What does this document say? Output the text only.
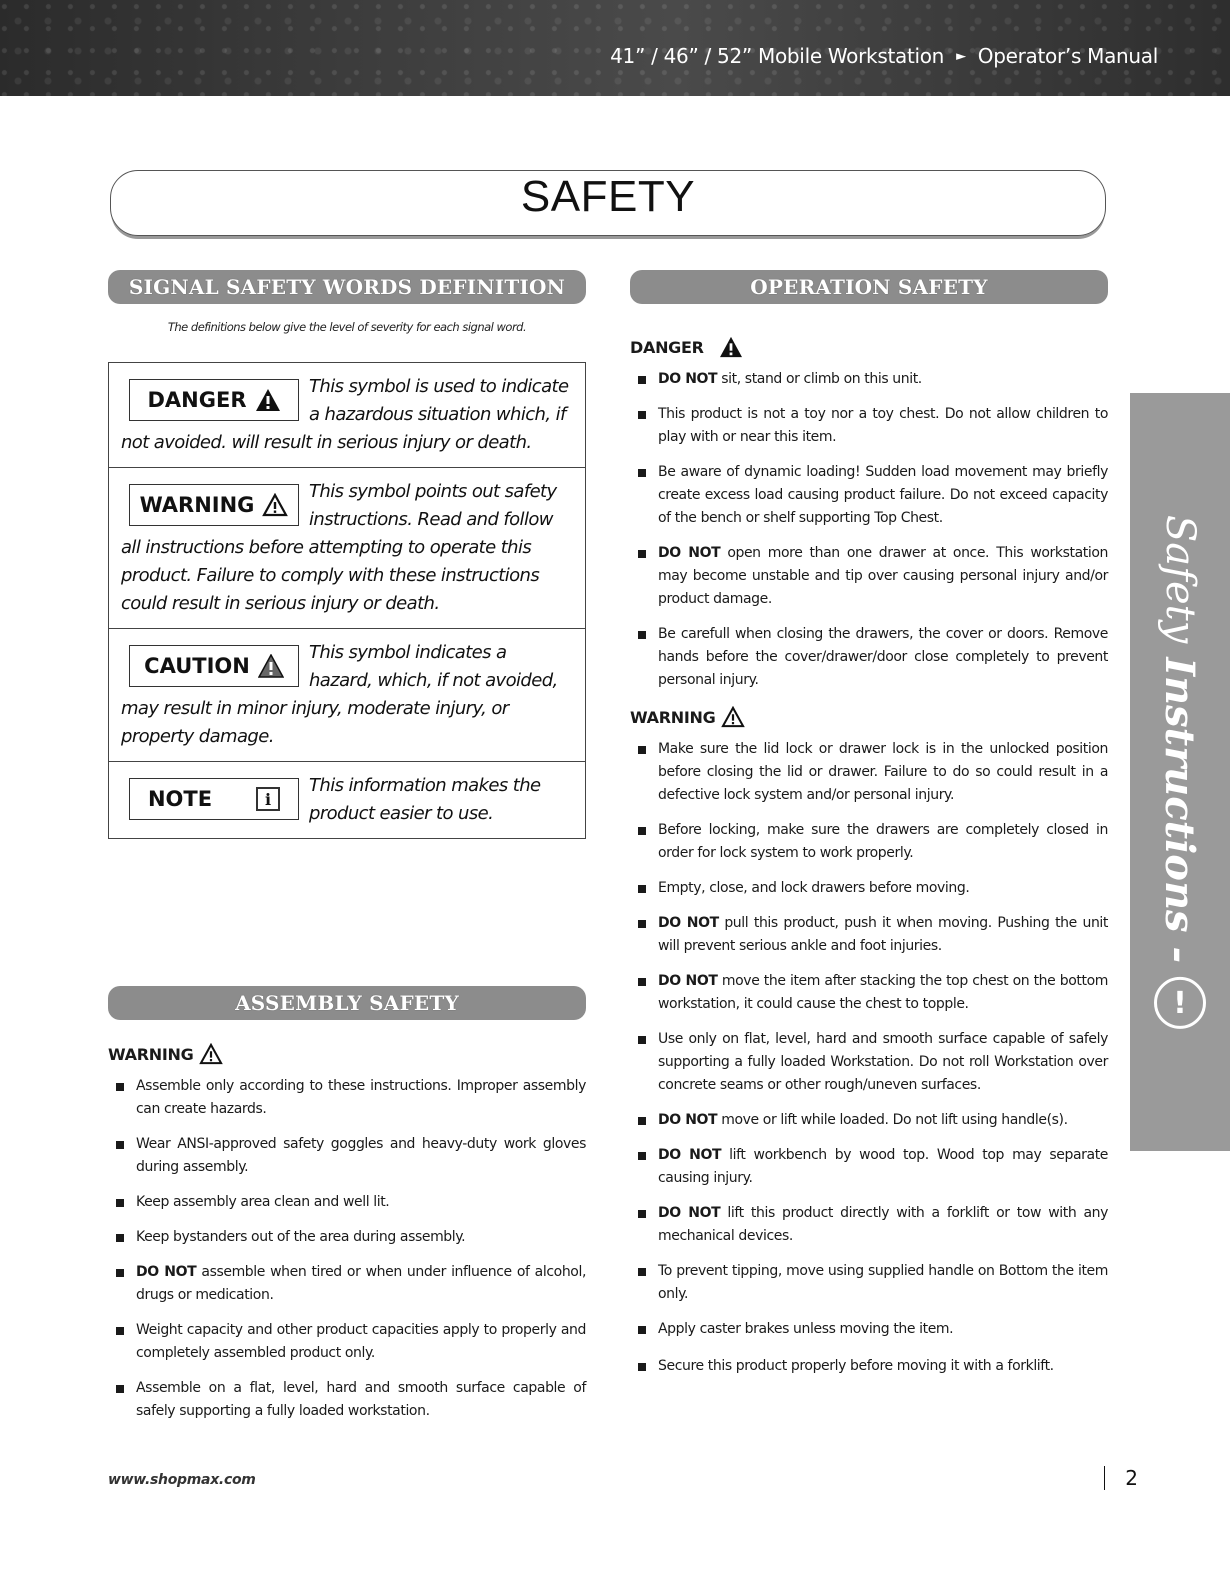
41” / 46” / 52” Mobile Workstation ► Operator’s Manual
SAFETY
SIGNAL SAFETY WORDS DEFINITION
The definitions below give the level of severity for each signal word.
DANGER

This symbol is used to indicate a hazardous situation which, if not avoided. will result in serious injury or death.

WARNING

This symbol points out safety instructions. Read and follow all instructions before attempting to operate this product. Failure to comply with these instructions could result in serious injury or death.

CAUTION

This symbol indicates a hazard, which, if not avoided, may result in minor injury, moderate injury, or property damage.

NOTE	i

This information makes the product easier to use.

ASSEMBLY SAFETY
WARNING
Assemble only according to these instructions. Improper assembly can create hazards.
Wear ANSI-approved safety goggles and heavy-duty work gloves during assembly.
Keep assembly area clean and well lit.
Keep bystanders out of the area during assembly.
DO NOT assemble when tired or when under influence of alcohol, drugs or medication.
Weight capacity and other product capacities apply to properly and completely assembled product only.
Assemble on a flat, level, hard and smooth surface capable of safely supporting a fully loaded workstation.
OPERATION SAFETY
DANGER
DO NOT sit, stand or climb on this unit.
This product is not a toy nor a toy chest. Do not allow children to play with or near this item.
Be aware of dynamic loading! Sudden load movement may briefly create excess load causing product failure. Do not exceed capacity of the bench or shelf supporting Top Chest.
DO NOT open more than one drawer at once. This workstation may become unstable and tip over causing personal injury and/or product damage.
Be carefull when closing the drawers, the cover or doors. Remove hands before the cover/drawer/door close completely to prevent personal injury.
WARNING
Make sure the lid lock or drawer lock is in the unlocked position before closing the lid or drawer. Failure to do so could result in a defective lock system and/or personal injury.
Before locking, make sure the drawers are completely closed in order for lock system to work properly.
Empty, close, and lock drawers before moving.
DO NOT pull this product, push it when moving. Pushing the unit will prevent serious ankle and foot injuries.
DO NOT move the item after stacking the top chest on the bottom workstation, it could cause the chest to topple.
Use only on flat, level, hard and smooth surface capable of safely supporting a fully loaded Workstation. Do not roll Workstation over concrete seams or other rough/uneven surfaces.
DO NOT move or lift while loaded. Do not lift using handle(s).
DO NOT lift workbench by wood top. Wood top may separate causing injury.
DO NOT lift this product directly with a forklift or tow with any mechanical devices.
To prevent tipping, move using supplied handle on Bottom the item only.
Apply caster brakes unless moving the item.
Secure this product properly before moving it with a forklift.
Safety
Instructions -
!
www.shopmax.com	2
